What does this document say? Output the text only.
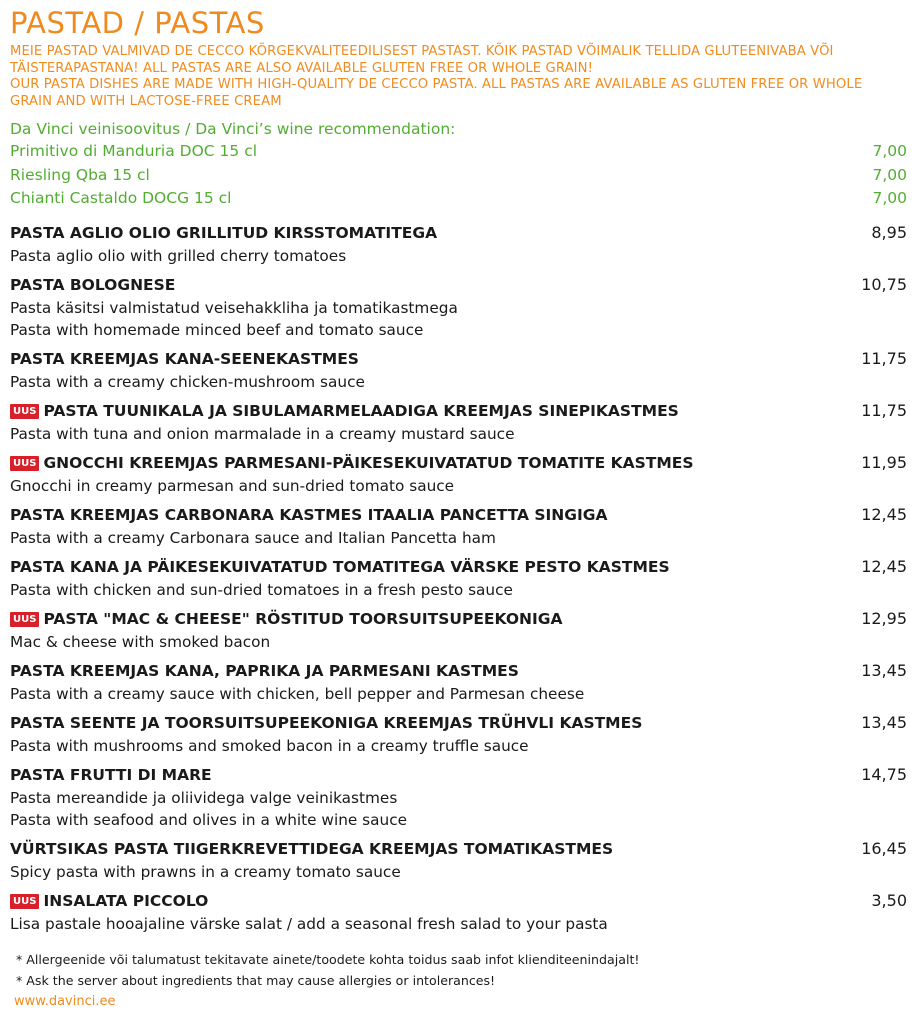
PASTAD / PASTAS
MEIE PASTAD VALMIVAD DE CECCO KÕRGEKVALITEEDILISEST PASTAST. KÕIK PASTAD VÕIMALIK TELLIDA GLUTEENIVABA VÕI TÄISTERAPASTANA! ALL PASTAS ARE ALSO AVAILABLE GLUTEN FREE OR WHOLE GRAIN!
OUR PASTA DISHES ARE MADE WITH HIGH-QUALITY DE CECCO PASTA. ALL PASTAS ARE AVAILABLE AS GLUTEN FREE OR WHOLE GRAIN AND WITH LACTOSE-FREE CREAM
Da Vinci veinisoovitus / Da Vinci’s wine recommendation:
Primitivo di Manduria DOC 15 cl	7,00
Riesling Qba 15 cl	7,00
Chianti Castaldo DOCG 15 cl	7,00
PASTA AGLIO OLIO GRILLITUD KIRSSTOMATITEGA	8,95
Pasta aglio olio with grilled cherry tomatoes
PASTA BOLOGNESE	10,75
Pasta käsitsi valmistatud veisehakkliha ja tomatikastmega
Pasta with homemade minced beef and tomato sauce
PASTA KREEMJAS KANA-SEENEKASTMES	11,75
Pasta with a creamy chicken-mushroom sauce
UUS PASTA TUUNIKALA JA SIBULAMARMELAADIGA KREEMJAS SINEPIKASTMES	11,75
Pasta with tuna and onion marmalade in a creamy mustard sauce
UUS GNOCCHI KREEMJAS PARMESANI-PÄIKESEKUIVATATUD TOMATITE KASTMES	11,95
Gnocchi in creamy parmesan and sun-dried tomato sauce
PASTA KREEMJAS CARBONARA KASTMES ITAALIA PANCETTA SINGIGA	12,45
Pasta with a creamy Carbonara sauce and Italian Pancetta ham
PASTA KANA JA PÄIKESEKUIVATATUD TOMATITEGA VÄRSKE PESTO KASTMES	12,45
Pasta with chicken and sun-dried tomatoes in a fresh pesto sauce
UUS PASTA "MAC & CHEESE" RÖSTITUD TOORSUITSUPEEKONIGA	12,95
Mac & cheese with smoked bacon
PASTA KREEMJAS KANA, PAPRIKA JA PARMESANI KASTMES	13,45
Pasta with a creamy sauce with chicken, bell pepper and Parmesan cheese
PASTA SEENTE JA TOORSUITSUPEEKONIGA KREEMJAS TRÜHVLI KASTMES	13,45
Pasta with mushrooms and smoked bacon in a creamy truffle sauce
PASTA FRUTTI DI MARE	14,75
Pasta mereandide ja oliividega valge veinikastmes
Pasta with seafood and olives in a white wine sauce
VÜRTSIKAS PASTA TIIGERKREVETTIDEGA KREEMJAS TOMATIKASTMES	16,45
Spicy pasta with prawns in a creamy tomato sauce
UUS INSALATA PICCOLO	3,50
Lisa pastale hooajaline värske salat / add a seasonal fresh salad to your pasta
* Allergeenide või talumatust tekitavate ainete/toodete kohta toidus saab infot klienditeenindajalt!
* Ask the server about ingredients that may cause allergies or intolerances!
www.davinci.ee
